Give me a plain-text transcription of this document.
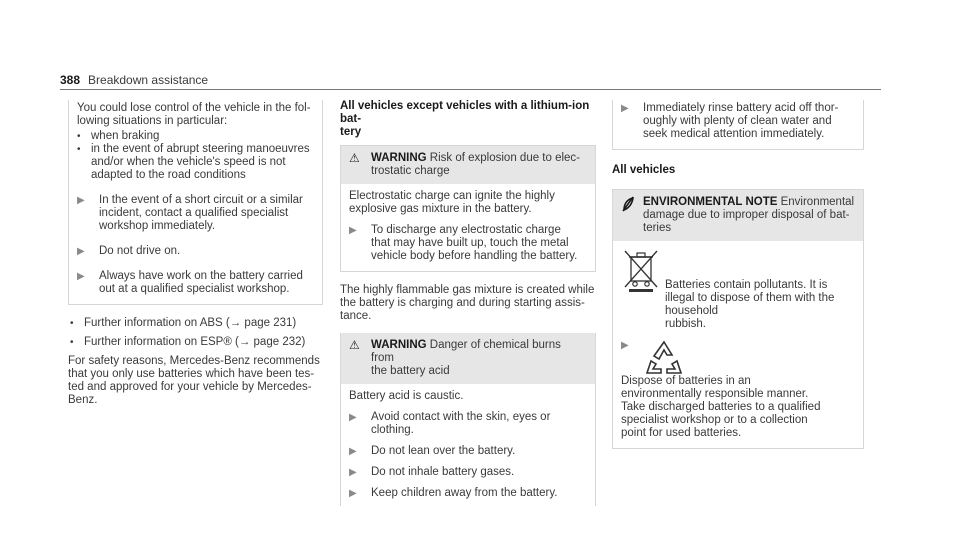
388 Breakdown assistance

You could lose control of the vehicle in the fol-
lowing situations in particular:

• when braking
• in the event of abrupt steering manoeuvres
and/or when the vehicle's speed is not
adapted to the road conditions
▶	In the event of a short circuit or a similar
incident, contact a qualified specialist
workshop immediately.
▶	Do not drive on.
▶	Always have work on the battery carried
out at a qualified specialist workshop.
• Further information on ABS (→ page 231)
• Further information on ESP® (→ page 232)

For safety reasons, Mercedes-Benz recommends
that you only use batteries which have been tes-
ted and approved for your vehicle by Mercedes-
Benz.

All vehicles except vehicles with a lithium-ion bat-
tery

⚠ WARNING Risk of explosion due to elec-
trostatic charge

Electrostatic charge can ignite the highly
explosive gas mixture in the battery.

▶	To discharge any electrostatic charge
that may have built up, touch the metal
vehicle body before handling the battery.

The highly flammable gas mixture is created while
the battery is charging and during starting assis-
tance.

⚠ WARNING Danger of chemical burns from
the battery acid

Battery acid is caustic.

▶	Avoid contact with the skin, eyes or
clothing.
▶	Do not lean over the battery.
▶	Do not inhale battery gases.
▶	Keep children away from the battery.
▶	Immediately rinse battery acid off thor-
oughly with plenty of clean water and
seek medical attention immediately.

All vehicles

ENVIRONMENTAL NOTE Environmental
damage due to improper disposal of bat-
teries

Batteries contain pollutants. It is
illegal to dispose of them with the household
rubbish.

▶

Dispose of batteries in an
environmentally responsible manner.
Take discharged batteries to a qualified
specialist workshop or to a collection
point for used batteries.
